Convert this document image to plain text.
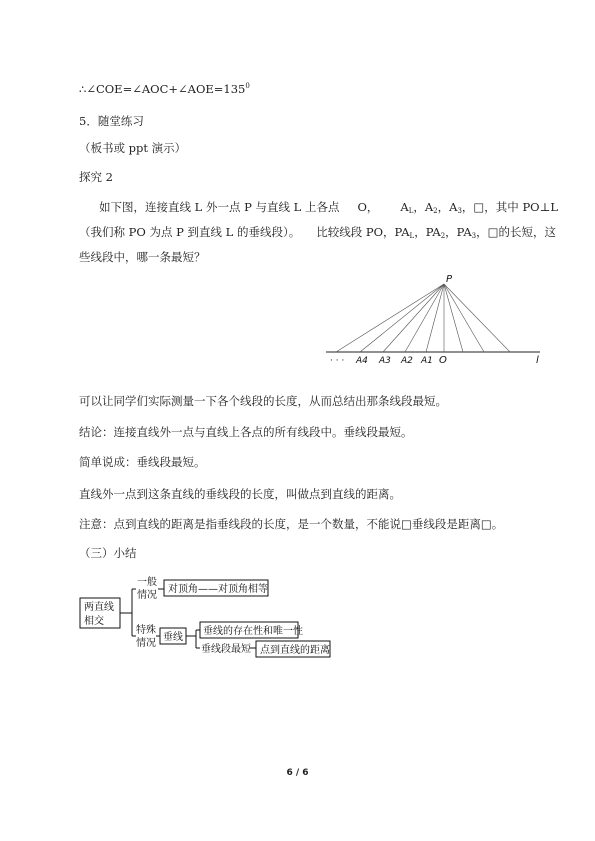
$\therefore\angle COE=\angle AOC+\angle AOE=135^0$
5．随堂练习
（板书或 ppt 演示）
探究 2
如下图，连接直线 L 外一点 P 与直线 L 上各点 O， $A_L$，$A_2$，$A_3$，□，其中 PO⊥L
（我们称 PO 为点 P 到直线 L 的垂线段）。 比较线段 PO，$PA_L$，$PA_2$，$PA_3$，□的长短，这
些线段中，哪一条最短？
P
· · · A4 A3 A2 A1 O	l
可以让同学们实际测量一下各个线段的长度，从而总结出那条线段最短。
结论：连接直线外一点与直线上各点的所有线段中。垂线段最短。
简单说成：垂线段最短。
直线外一点到这条直线的垂线段的长度，叫做点到直线的距离。
注意：点到直线的距离是指垂线段的长度，是一个数量，不能说□垂线段是距离□。
（三）小结
两直线
相交
一般
情况
对顶角——对顶角相等
特殊
情况
垂线
垂线的存在性和唯一性
垂线段最短 点到直线的距离
6 / 6
